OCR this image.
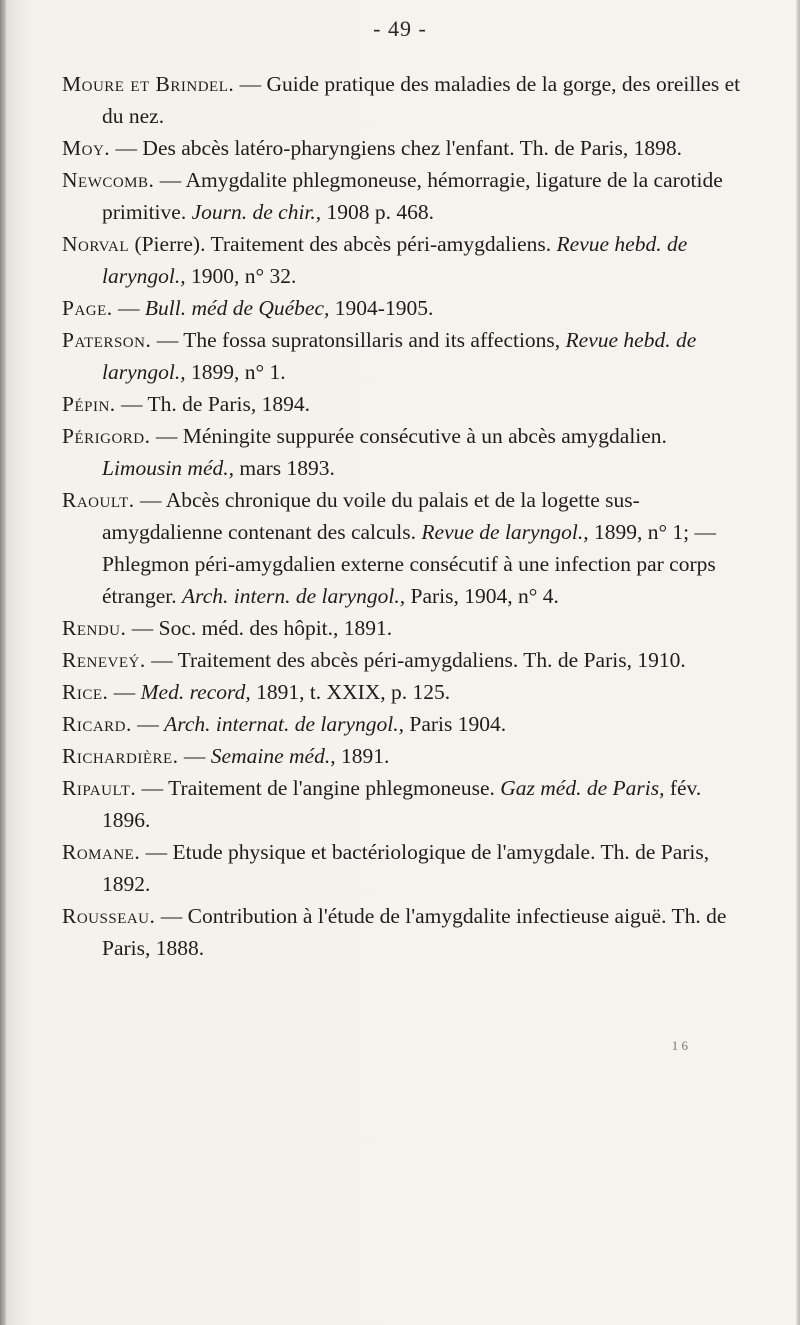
- 49 -

Moure et Brindel. — Guide pratique des maladies de la gorge, des oreilles et du nez.

Moy. — Des abcès latéro-pharyngiens chez l'enfant. Th. de Paris, 1898.

Newcomb. — Amygdalite phlegmoneuse, hémorragie, ligature de la carotide primitive. Journ. de chir., 1908 p. 468.

Norval (Pierre). Traitement des abcès péri-amygdaliens. Revue hebd. de laryngol., 1900, n° 32.

Page. — Bull. méd de Québec, 1904-1905.

Paterson. — The fossa supratonsillaris and its affections, Revue hebd. de laryngol., 1899, n° 1.

Pépin. — Th. de Paris, 1894.

Périgord. — Méningite suppurée consécutive à un abcès amygdalien. Limousin méd., mars 1893.

Raoult. — Abcès chronique du voile du palais et de la logette sus-amygdalienne contenant des calculs. Revue de laryngol., 1899, n° 1; — Phlegmon péri-amygdalien externe consécutif à une infection par corps étranger. Arch. intern. de laryngol., Paris, 1904, n° 4.

Rendu. — Soc. méd. des hôpit., 1891.

Reneveý. — Traitement des abcès péri-amygdaliens. Th. de Paris, 1910.

Rice. — Med. record, 1891, t. XXIX, p. 125.

Ricard. — Arch. internat. de laryngol., Paris 1904.

Richardière. — Semaine méd., 1891.

Ripault. — Traitement de l'angine phlegmoneuse. Gaz méd. de Paris, fév. 1896.

Romane. — Etude physique et bactériologique de l'amygdale. Th. de Paris, 1892.

Rousseau. — Contribution à l'étude de l'amygdalite infectieuse aiguë. Th. de Paris, 1888.

1 6
